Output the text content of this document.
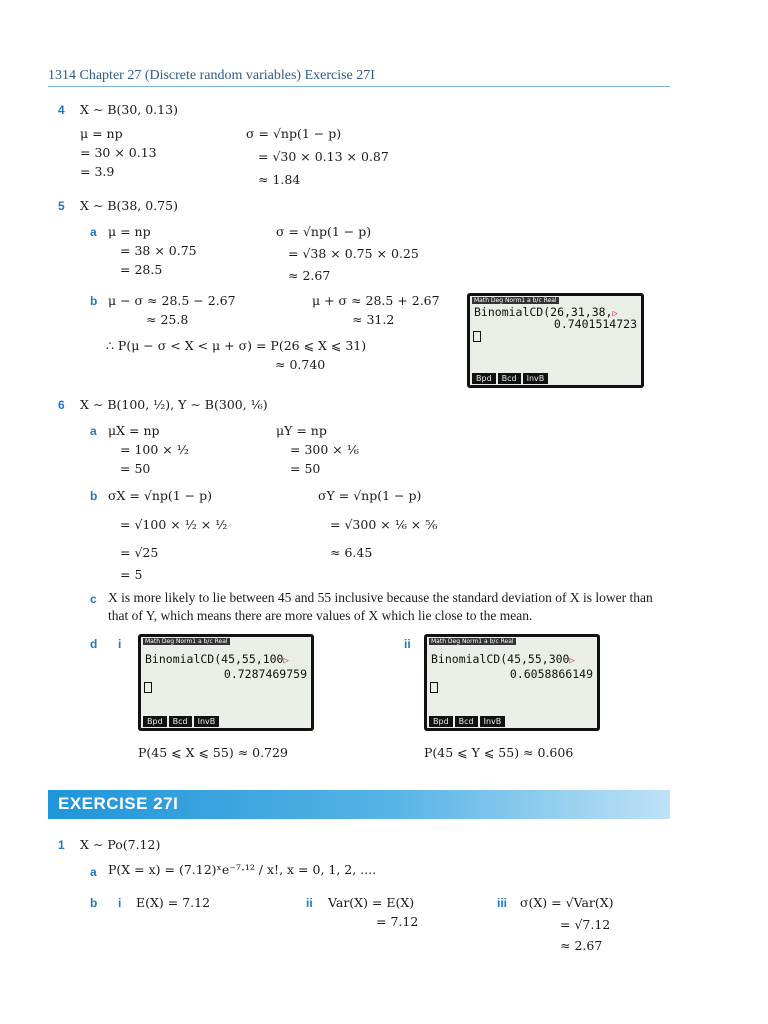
1314 Chapter 27 (Discrete random variables) Exercise 27I
4 X ∼ B(30, 0.13)
μ = np
= 30 × 0.13
= 3.9
σ = √np(1 − p)
= √30 × 0.13 × 0.87
≈ 1.84
5 X ∼ B(38, 0.75)
a μ = np
= 38 × 0.75
= 28.5
σ = √np(1 − p)
= √38 × 0.75 × 0.25
≈ 2.67
b μ − σ ≈ 28.5 − 2.67
≈ 25.8
μ + σ ≈ 28.5 + 2.67
≈ 31.2
∴ P(μ − σ < X < μ + σ) = P(26 ⩽ X ⩽ 31)
≈ 0.740
Math Deg Norm1 a b/c Real
BinomialCD(26,31,38,▷
0.7401514723
Bpd	Bcd	InvB
6 X ∼ B(100, ½), Y ∼ B(300, ⅙)
a μX = np
= 100 × ½
= 50
μY = np
= 300 × ⅙
= 50
b σX = √np(1 − p)
= √100 × ½ × ½
= √25
= 5
σY = √np(1 − p)
= √300 × ⅙ × ⅚
≈ 6.45
c X is more likely to lie between 45 and 55 inclusive because the standard deviation of X is lower than that of Y, which means there are more values of X which lie close to the mean.
d i	Math Deg Norm1 a b/c Real
BinomialCD(45,55,100▷
0.7287469759
Bpd	Bcd	InvB
P(45 ⩽ X ⩽ 55) ≈ 0.729
ii	Math Deg Norm1 a b/c Real
BinomialCD(45,55,300▷
0.6058866149
Bpd	Bcd	InvB
P(45 ⩽ Y ⩽ 55) ≈ 0.606
EXERCISE 27I
1 X ∼ Po(7.12)
a P(X = x) = (7.12)ˣe⁻⁷·¹² / x!, x = 0, 1, 2, ....
b i E(X) = 7.12	ii Var(X) = E(X)
= 7.12
iii σ(X) = √Var(X)
= √7.12
≈ 2.67
